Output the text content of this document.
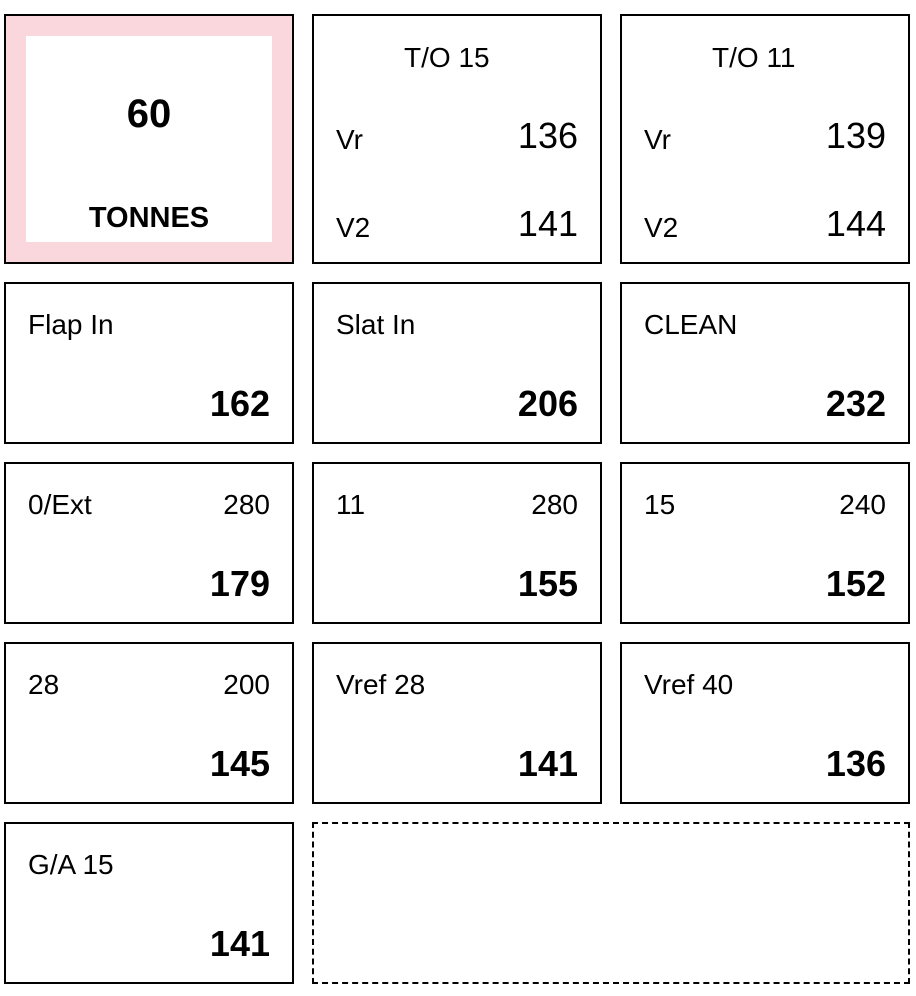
60
TONNES
T/O 15
Vr	136
V2	141
T/O 11
Vr	139
V2	144
Flap In
162
Slat In
206
CLEAN
232
0/Ext	280
179
11	280
155
15	240
152
28	200
145
Vref 28
141
Vref 40
136
G/A 15
141
